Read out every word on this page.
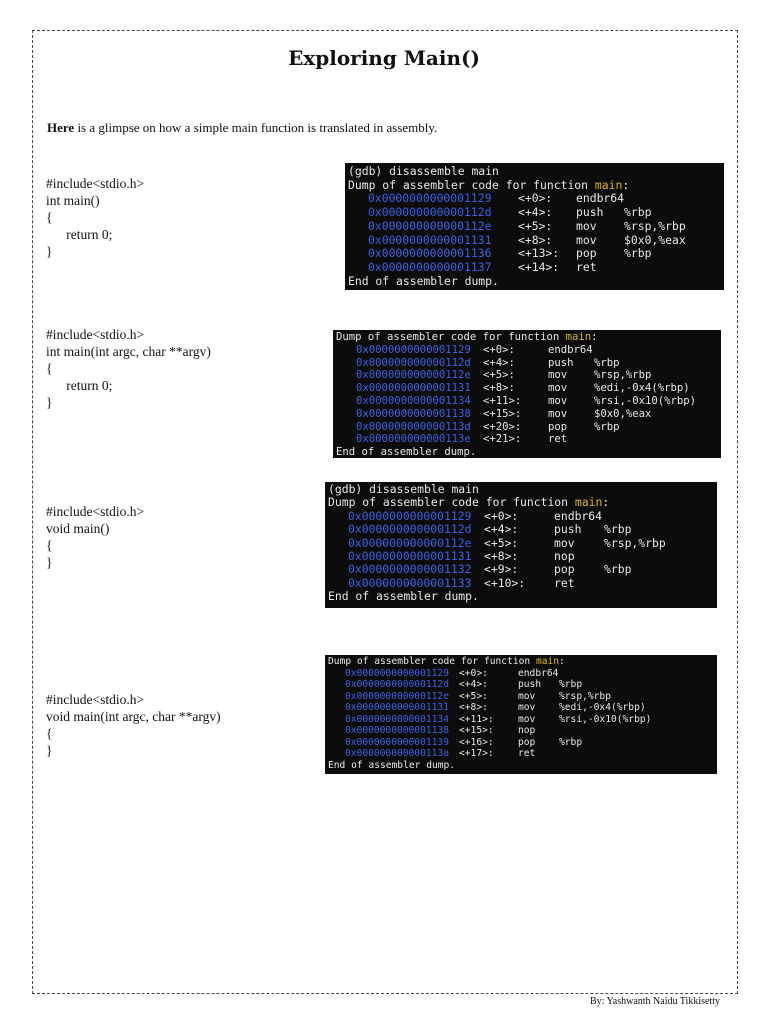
Exploring Main()
Here is a glimpse on how a simple main function is translated in assembly.
#include<stdio.h>
int main()
{
return 0;
}
#include<stdio.h>
int main(int argc, char **argv)
{
return 0;
}
#include<stdio.h>
void main()
{
}
#include<stdio.h>
void main(int argc, char **argv)
{
}
(gdb) disassemble main
Dump of assembler code for function main :
0x0000000000001129	<+0>:	endbr64
0x000000000000112d	<+4>:	push	%rbp
0x000000000000112e	<+5>:	mov	%rsp,%rbp
0x0000000000001131	<+8>:	mov	$0x0,%eax
0x0000000000001136	<+13>:	pop	%rbp
0x0000000000001137	<+14>:	ret
End of assembler dump.
Dump of assembler code for function main :
0x0000000000001129	<+0>:	endbr64
0x000000000000112d	<+4>:	push	%rbp
0x000000000000112e	<+5>:	mov	%rsp,%rbp
0x0000000000001131	<+8>:	mov	%edi,-0x4(%rbp)
0x0000000000001134	<+11>:	mov	%rsi,-0x10(%rbp)
0x0000000000001138	<+15>:	mov	$0x0,%eax
0x000000000000113d	<+20>:	pop	%rbp
0x000000000000113e	<+21>:	ret
End of assembler dump.
(gdb) disassemble main
Dump of assembler code for function main :
0x0000000000001129	<+0>:	endbr64
0x000000000000112d	<+4>:	push	%rbp
0x000000000000112e	<+5>:	mov	%rsp,%rbp
0x0000000000001131	<+8>:	nop
0x0000000000001132	<+9>:	pop	%rbp
0x0000000000001133	<+10>:	ret
End of assembler dump.
Dump of assembler code for function main :
0x0000000000001129	<+0>:	endbr64
0x000000000000112d	<+4>:	push	%rbp
0x000000000000112e	<+5>:	mov	%rsp,%rbp
0x0000000000001131	<+8>:	mov	%edi,-0x4(%rbp)
0x0000000000001134	<+11>:	mov	%rsi,-0x10(%rbp)
0x0000000000001138	<+15>:	nop
0x0000000000001139	<+16>:	pop	%rbp
0x000000000000113a	<+17>:	ret
End of assembler dump.
By: Yashwanth Naidu Tikkisetty
